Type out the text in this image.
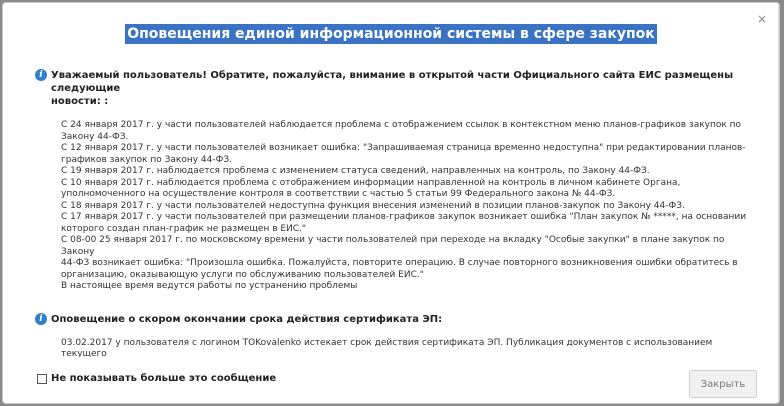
×
Оповещения единой информационной системы в сфере закупок
i Уважаемый пользователь! Обратите, пожалуйста, внимание в открытой части Официального сайта ЕИС размещены следующие
новости: :

С 24 января 2017 г. у части пользователей наблюдается проблема с отображением ссылок в контекстном меню планов-графиков закупок по

Закону 44-ФЗ.

С 12 января 2017 г. у части пользователей возникает ошибка: "Запрашиваемая страница временно недоступна" при редактировании планов-

графиков закупок по Закону 44-ФЗ.

С 19 января 2017 г. наблюдается проблема с изменением статуса сведений, направленных на контроль, по Закону 44-ФЗ.

С 10 января 2017 г. наблюдается проблема с отображением информации направленной на контроль в личном кабинете Органа,

уполномоченного на осуществление контроля в соответствии с частью 5 статьи 99 Федерального закона № 44-ФЗ.

С 18 января 2017 г. у части пользователей недоступна функция внесения изменений в позиции планов-закупок по Закону 44-ФЗ.

С 17 января 2017 г. у части пользователей при размещении планов-графиков закупок возникает ошибка "План закупок № *****, на основании

которого создан план-график не размещен в ЕИС."

С 08-00 25 января 2017 г. по московскому времени у части пользователей при переходе на вкладку "Особые закупки" в плане закупок по Закону

44-ФЗ возникает ошибка: "Произошла ошибка. Пожалуйста, повторите операцию. В случае повторного возникновения ошибки обратитесь в

организацию, оказывающую услуги по обслуживанию пользователей ЕИС."

В настоящее время ведутся работы по устранению проблемы

i Оповещение о скором окончании срока действия сертификата ЭП:

03.02.2017 у пользователя с логином TOKovalenko истекает срок действия сертификата ЭП. Публикация документов с использованием текущего

Не показывать больше это сообщение
Закрыть
